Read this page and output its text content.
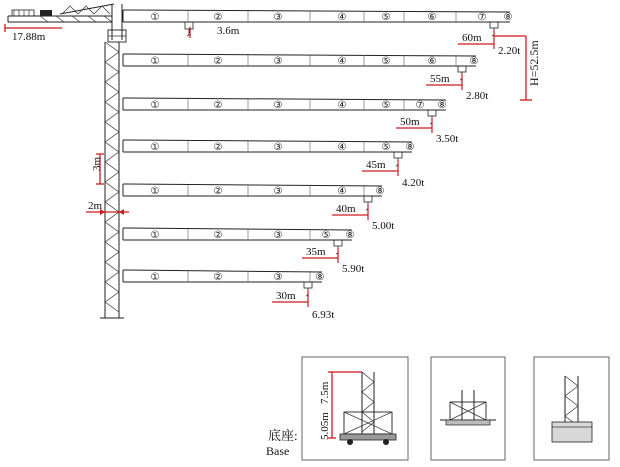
17.88m
2m
3m
①	②	③	④	⑤	⑥	⑦ ⑧
60m
2.20t
①	②	③	④	⑤	⑥	⑧
55m
2.80t
①	②	③	④	⑤	⑦ ⑧
50m
3.50t
①	②	③	④	⑤ ⑧
45m
4.20t
①	②	③	④	⑧
40m
5.00t
①	②	③	⑤ ⑧
35m
5.90t
①	②	③	⑧
30m
6.93t
3.6m
H=52.5m
底座:
Base
5.05m
7.5m
